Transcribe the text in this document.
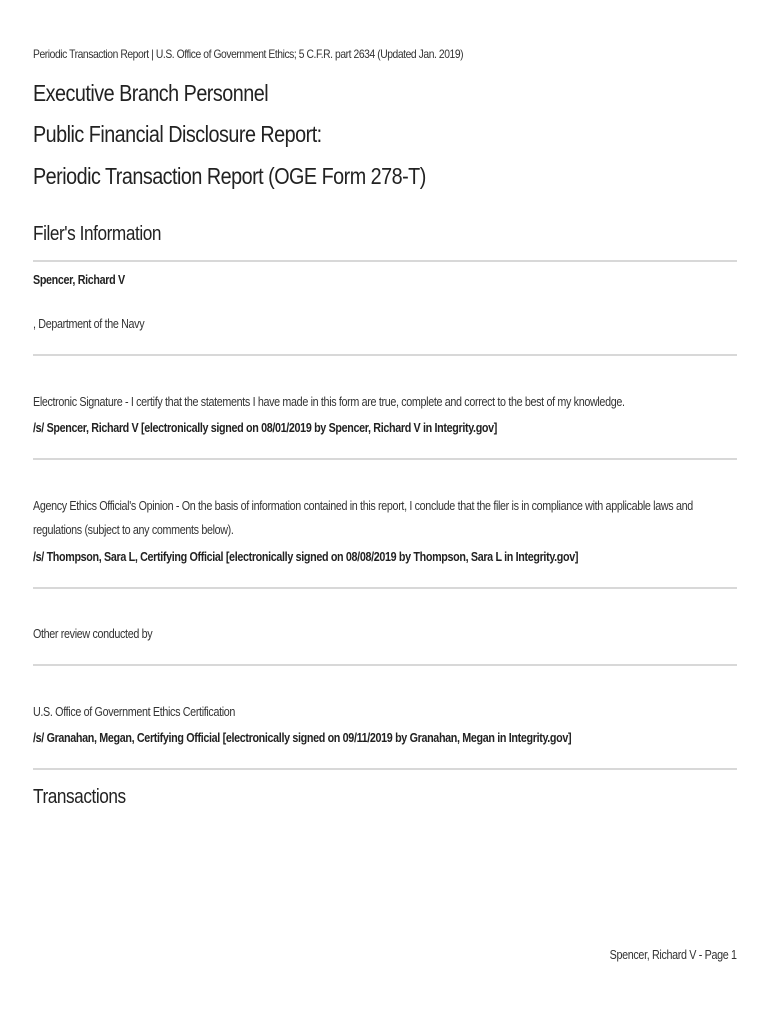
Periodic Transaction Report | U.S. Office of Government Ethics; 5 C.F.R. part 2634 (Updated Jan. 2019)
Executive Branch Personnel
Public Financial Disclosure Report:
Periodic Transaction Report (OGE Form 278-T)
Filer's Information
Spencer, Richard V
, Department of the Navy
Electronic Signature - I certify that the statements I have made in this form are true, complete and correct to the best of my knowledge.
/s/ Spencer, Richard V [electronically signed on 08/01/2019 by Spencer, Richard V in Integrity.gov]
Agency Ethics Official's Opinion - On the basis of information contained in this report, I conclude that the filer is in compliance with applicable laws and regulations (subject to any comments below).
/s/ Thompson, Sara L, Certifying Official [electronically signed on 08/08/2019 by Thompson, Sara L in Integrity.gov]
Other review conducted by
U.S. Office of Government Ethics Certification
/s/ Granahan, Megan, Certifying Official [electronically signed on 09/11/2019 by Granahan, Megan in Integrity.gov]
Transactions
Spencer, Richard V - Page 1
